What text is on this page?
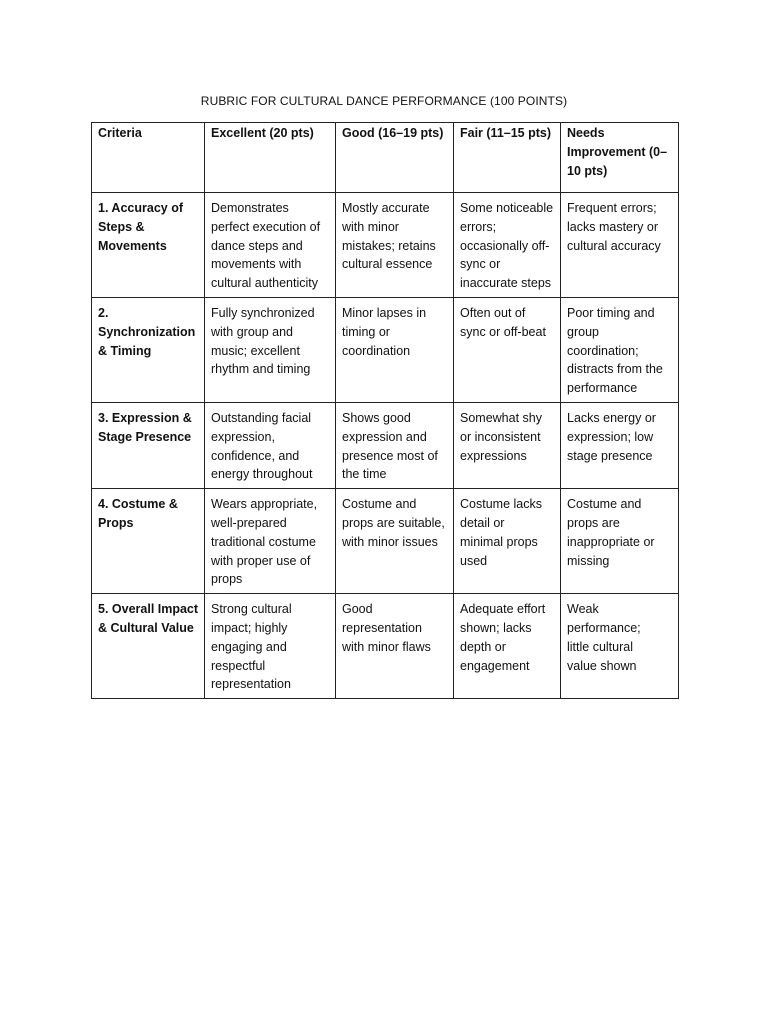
RUBRIC FOR CULTURAL DANCE PERFORMANCE (100 POINTS)
Criteria	Excellent (20 pts)	Good (16–19 pts)	Fair (11–15 pts)	Needs
Improvement (0–
10 pts)

1. Accuracy of
Steps &
Movements	Demonstrates
perfect execution of
dance steps and
movements with
cultural authenticity	Mostly accurate
with minor
mistakes; retains
cultural essence	Some noticeable
errors;
occasionally off-
sync or
inaccurate steps	Frequent errors;
lacks mastery or
cultural accuracy

2.
Synchronization
& Timing	Fully synchronized
with group and
music; excellent
rhythm and timing	Minor lapses in
timing or
coordination	Often out of
sync or off-beat	Poor timing and
group
coordination;
distracts from the
performance

3. Expression &
Stage Presence	Outstanding facial
expression,
confidence, and
energy throughout	Shows good
expression and
presence most of
the time	Somewhat shy
or inconsistent
expressions	Lacks energy or
expression; low
stage presence

4. Costume &
Props	Wears appropriate,
well-prepared
traditional costume
with proper use of
props	Costume and
props are suitable,
with minor issues	Costume lacks
detail or
minimal props
used	Costume and
props are
inappropriate or
missing

5. Overall Impact
& Cultural Value	Strong cultural
impact; highly
engaging and
respectful
representation	Good
representation
with minor flaws	Adequate effort
shown; lacks
depth or
engagement	Weak
performance;
little cultural
value shown
